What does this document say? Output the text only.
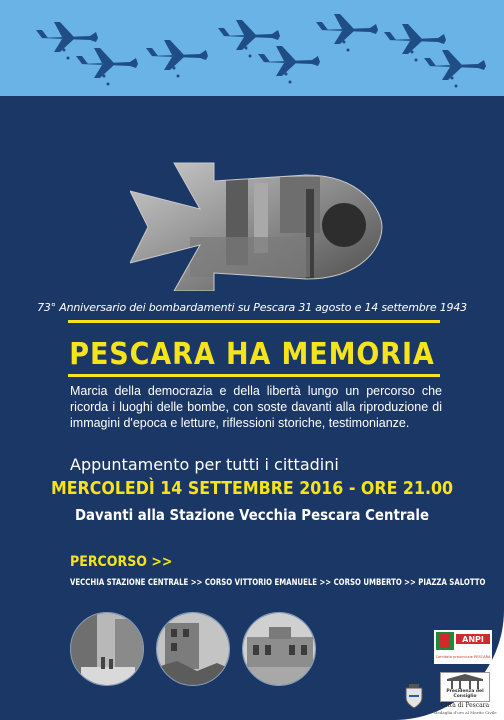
73° Anniversario dei bombardamenti su Pescara 31 agosto e 14 settembre 1943
PESCARA HA MEMORIA
Marcia della democrazia e della libertà lungo un percorso che
ricorda i luoghi delle bombe, con soste davanti alla riproduzione di
immagini d'epoca e letture, riflessioni storiche, testimonianze.
Appuntamento per tutti i cittadini
MERCOLEDÌ 14 SETTEMBRE 2016 - ORE 21.00
Davanti alla Stazione Vecchia Pescara Centrale
PERCORSO >>
VECCHIA STAZIONE CENTRALE >> CORSO VITTORIO EMANUELE >> CORSO UMBERTO >> PIAZZA SALOTTO
ANPI
Comitato provinciale PESCARA
Presidenza del Consiglio
Città di Pescara
Medaglia d'oro al Merito Civile
